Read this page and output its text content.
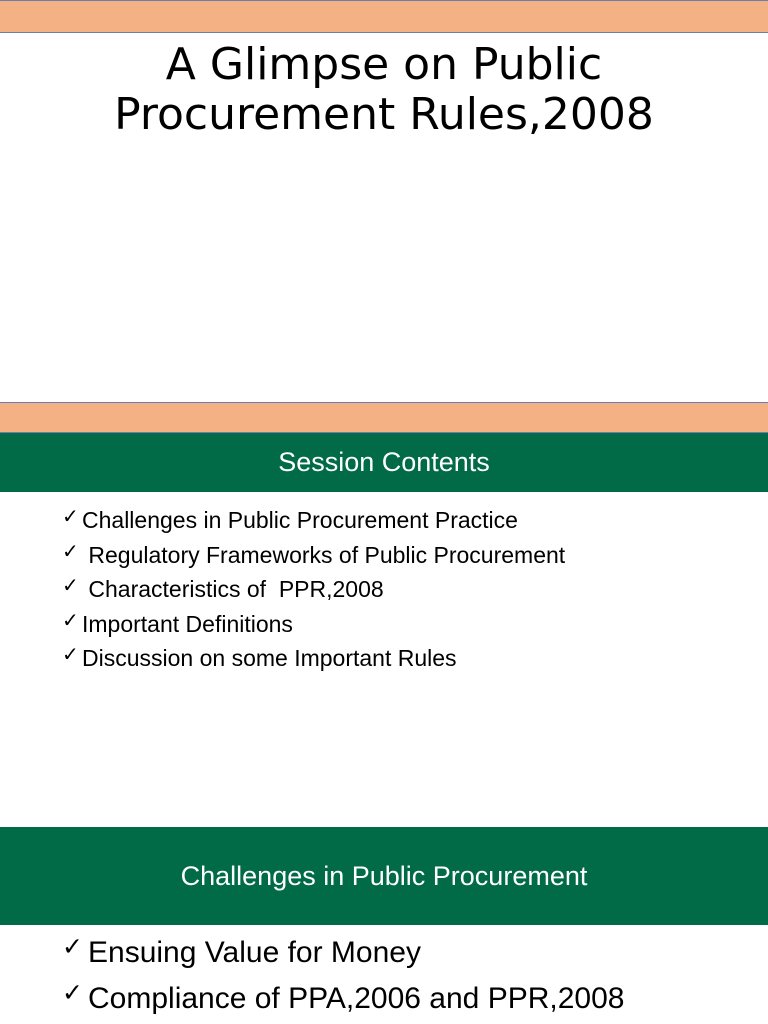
A Glimpse on Public
Procurement Rules,2008
Session Contents
✓ Challenges in Public Procurement Practice
✓ Regulatory Frameworks of Public Procurement
✓ Characteristics of  PPR,2008
✓ Important Definitions
✓ Discussion on some Important Rules
Challenges in Public Procurement
✓ Ensuing Value for Money
✓ Compliance of PPA,2006 and PPR,2008
